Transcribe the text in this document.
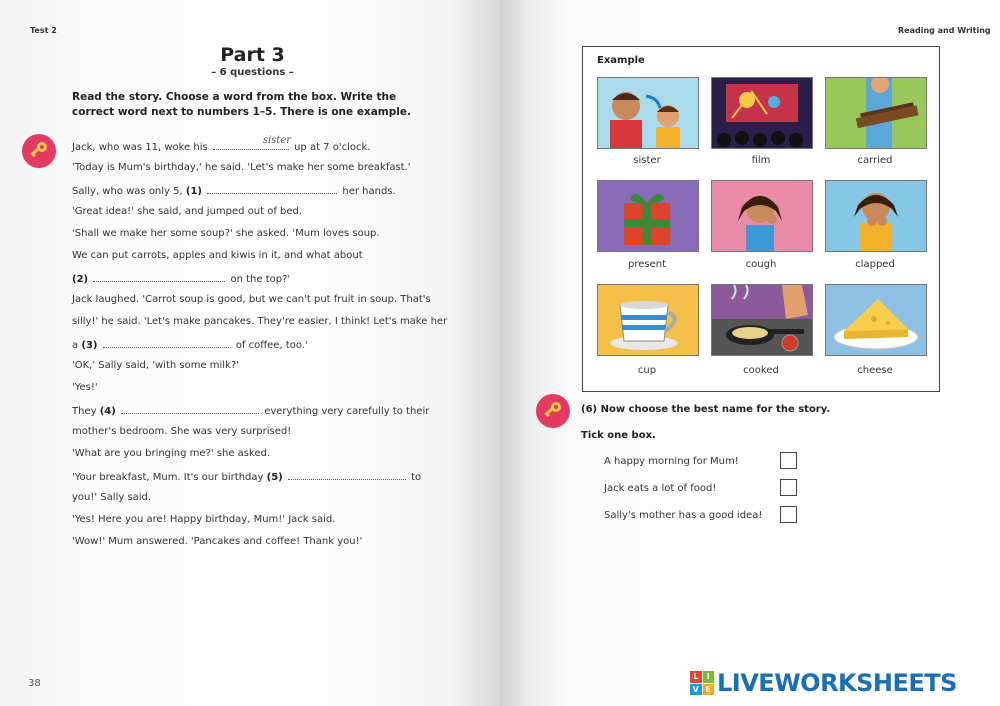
Test 2
Part 3
– 6 questions –
Read the story. Choose a word from the box. Write the correct word next to numbers 1–5. There is one example.
Jack, who was 11, woke his
sister
up at 7 o'clock.
'Today is Mum's birthday,' he said. 'Let's make her some breakfast.'
Sally, who was only 5, (1)	her hands.
'Great idea!' she said, and jumped out of bed.
'Shall we make her some soup?' she asked. 'Mum loves soup.
We can put carrots, apples and kiwis in it, and what about
(2)	on the top?'
Jack laughed. 'Carrot soup is good, but we can't put fruit in soup. That's
silly!' he said. 'Let's make pancakes. They're easier, I think! Let's make her
a (3)	of coffee, too.'
'OK,' Sally said, 'with some milk?'
'Yes!'
They (4)	everything very carefully to their
mother's bedroom. She was very surprised!
'What are you bringing me?' she asked.
'Your breakfast, Mum. It's our birthday (5)	to
you!' Sally said.
'Yes! Here you are! Happy birthday, Mum!' Jack said.
'Wow!' Mum answered. 'Pancakes and coffee! Thank you!'
38
Reading and Writing
Example
sister	film	carried
present	cough	clapped
cup	cooked	cheese
(6) Now choose the best name for the story.
Tick one box.
A happy morning for Mum!
Jack eats a lot of food!
Sally's mother has a good idea!
L	I
V E LIVEWORKSHEETS
